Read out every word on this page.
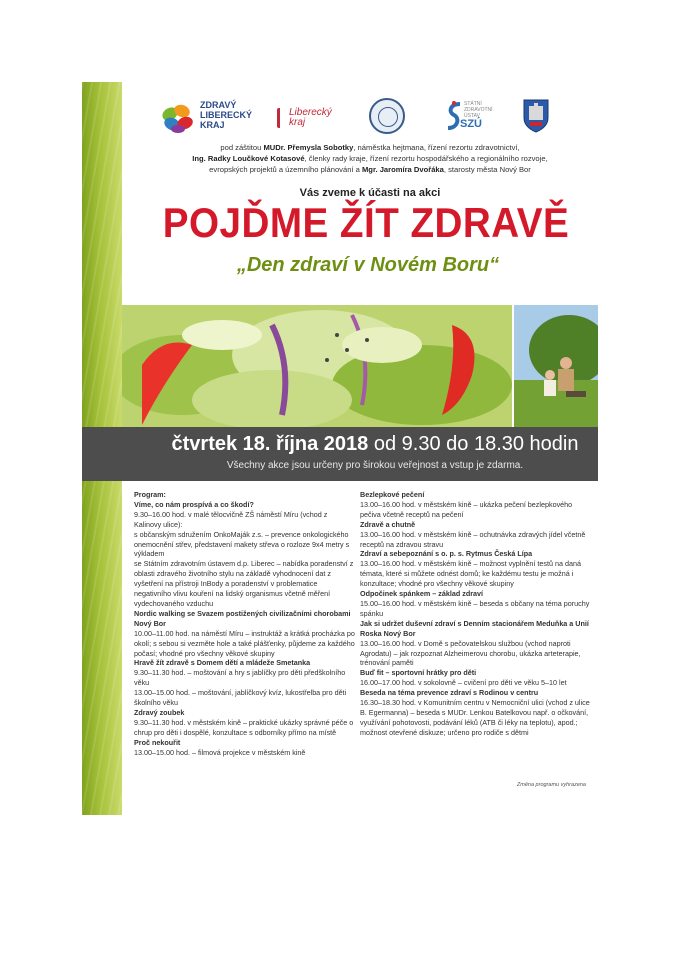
ZDRAVÝ
LIBERECKÝ
KRAJ
Liberecký
kraj
STÁTNÍ
ZDRAVOTNÍ
ÚSTAV
SZÚ
pod záštitou MUDr. Přemysla Sobotky, náměstka hejtmana, řízení rezortu zdravotnictví,
Ing. Radky Loučkové Kotasové, členky rady kraje, řízení rezortu hospodářského a regionálního rozvoje,
evropských projektů a územního plánování a Mgr. Jaromíra Dvořáka, starosty města Nový Bor
Vás zveme k účasti na akci
POJĎME ŽÍT ZDRAVĚ
„Den zdraví v Novém Boru“
čtvrtek 18. října 2018 od 9.30 do 18.30 hodin
Všechny akce jsou určeny pro širokou veřejnost a vstup je zdarma.

Program:

Víme, co nám prospívá a co škodí?

9.30–16.00 hod. v malé tělocvičně ZŠ náměstí Míru (vchod z Kalinovy ulice):

s občanským sdružením OnkoMaják z.s. – prevence onkologického onemocnění střev, představení makety střeva o rozloze 9x4 metry s výkladem

se Státním zdravotním ústavem d.p. Liberec – nabídka poradenství z oblasti zdravého životního stylu na základě vyhodnocení dat z vyšetření na přístroji InBody a poradenství v problematice negativního vlivu kouření na lidský organismus včetně měření vydechovaného vzduchu

Nordic walking se Svazem postižených civilizačními chorobami Nový Bor

10.00–11.00 hod. na náměstí Míru – instruktáž a krátká procházka po okolí; s sebou si vezměte hole a také plášťenky, půjdeme za každého počasí; vhodné pro všechny věkové skupiny

Hravě žít zdravě s Domem dětí a mládeže Smetanka

9.30–11.30 hod. – moštování a hry s jablíčky pro děti předškolního věku

13.00–15.00 hod. – moštování, jablíčkový kvíz, lukostřelba pro děti školního věku

Zdravý zoubek

9.30–11.30 hod. v městském kině – praktické ukázky správné péče o chrup pro děti i dospělé, konzultace s odborníky přímo na místě

Proč nekouřit

13.00–15.00 hod. – filmová projekce v městském kině

Bezlepkové pečení

13.00–16.00 hod. v městském kině – ukázka pečení bezlepkového pečiva včetně receptů na pečení

Zdravě a chutně

13.00–16.00 hod. v městském kině – ochutnávka zdravých jídel včetně receptů na zdravou stravu

Zdraví a sebepoznání s o. p. s. Rytmus Česká Lípa

13.00–16.00 hod. v městském kině – možnost vyplnění testů na daná témata, které si můžete odnést domů; ke každému testu je možná i konzultace; vhodné pro všechny věkové skupiny

Odpočinek spánkem – základ zdraví

15.00–16.00 hod. v městském kině – beseda s občany na téma poruchy spánku

Jak si udržet duševní zdraví s Denním stacionářem Meduňka a Unií Roska Nový Bor

13.00–16.00 hod. v Domě s pečovatelskou službou (vchod naproti Agrodatu) – jak rozpoznat Alzheimerovu chorobu, ukázka arteterapie, trénování paměti

Buď fit – sportovní hrátky pro děti

16.00–17.00 hod. v sokolovně – cvičení pro děti ve věku 5–10 let

Beseda na téma prevence zdraví s Rodinou v centru

16.30–18.30 hod. v Komunitním centru v Nemocniční ulici (vchod z ulice B. Egermanna) – beseda s MUDr. Lenkou Batelkovou např. o očkování, využívání pohotovosti, podávání léků (ATB či léky na teplotu), apod.; možnost otevřené diskuze; určeno pro rodiče s dětmi

Změna programu vyhrazena
